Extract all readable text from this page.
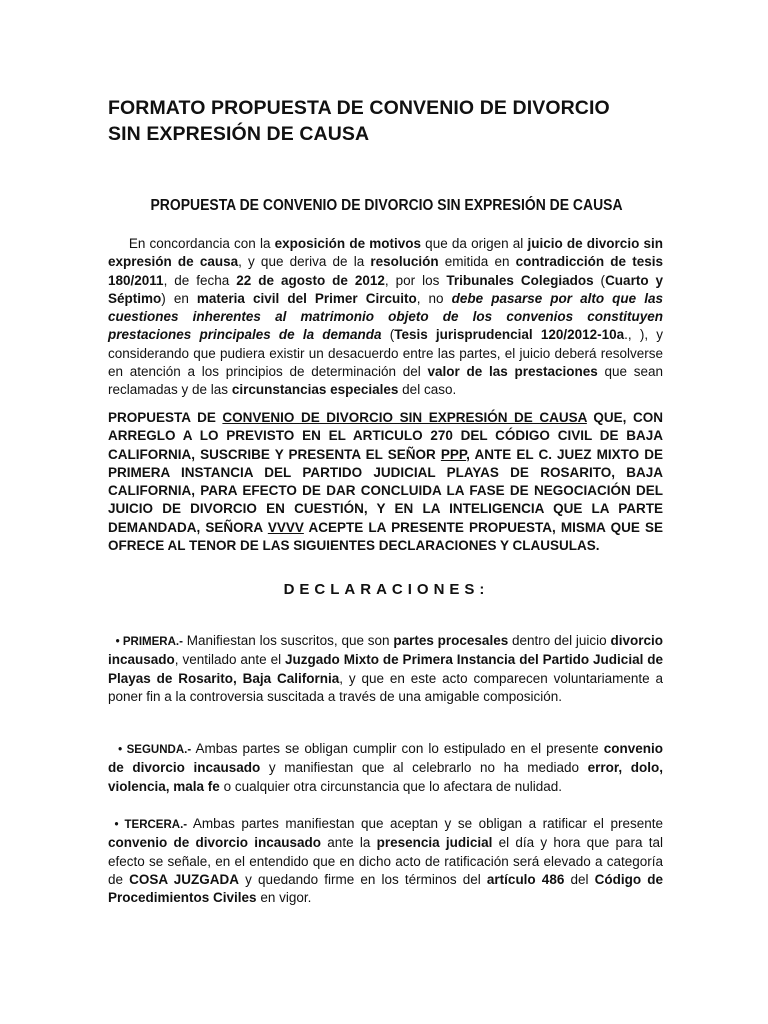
FORMATO PROPUESTA DE CONVENIO DE DIVORCIO
SIN EXPRESIÓN DE CAUSA
PROPUESTA DE CONVENIO DE DIVORCIO SIN EXPRESIÓN DE CAUSA

En concordancia con la exposición de motivos que da origen al juicio de divorcio sin expresión de causa, y que deriva de la resolución emitida en contradicción de tesis 180/2011, de fecha 22 de agosto de 2012, por los Tribunales Colegiados (Cuarto y Séptimo) en materia civil del Primer Circuito, no debe pasarse por alto que las cuestiones inherentes al matrimonio objeto de los convenios constituyen prestaciones principales de la demanda (Tesis jurisprudencial 120/2012-10a., ), y considerando que pudiera existir un desacuerdo entre las partes, el juicio deberá resolverse en atención a los principios de determinación del valor de las prestaciones que sean reclamadas y de las circunstancias especiales del caso.

PROPUESTA DE CONVENIO DE DIVORCIO SIN EXPRESIÓN DE CAUSA QUE, CON ARREGLO A LO PREVISTO EN EL ARTICULO 270 DEL CÓDIGO CIVIL DE BAJA CALIFORNIA, SUSCRIBE Y PRESENTA EL SEÑOR PPP, ANTE EL C. JUEZ MIXTO DE PRIMERA INSTANCIA DEL PARTIDO JUDICIAL PLAYAS DE ROSARITO, BAJA CALIFORNIA, PARA EFECTO DE DAR CONCLUIDA LA FASE DE NEGOCIACIÓN DEL JUICIO DE DIVORCIO EN CUESTIÓN, Y EN LA INTELIGENCIA QUE LA PARTE DEMANDADA, SEÑORA VVVV ACEPTE LA PRESENTE PROPUESTA, MISMA QUE SE OFRECE AL TENOR DE LAS SIGUIENTES DECLARACIONES Y CLAUSULAS.

DECLARACIONES:

• PRIMERA.- Manifiestan los suscritos, que son partes procesales dentro del juicio divorcio incausado, ventilado ante el Juzgado Mixto de Primera Instancia del Partido Judicial de Playas de Rosarito, Baja California, y que en este acto comparecen voluntariamente a poner fin a la controversia suscitada a través de una amigable composición.

• SEGUNDA.- Ambas partes se obligan cumplir con lo estipulado en el presente convenio de divorcio incausado y manifiestan que al celebrarlo no ha mediado error, dolo, violencia, mala fe o cualquier otra circunstancia que lo afectara de nulidad.

• TERCERA.- Ambas partes manifiestan que aceptan y se obligan a ratificar el presente convenio de divorcio incausado ante la presencia judicial el día y hora que para tal efecto se señale, en el entendido que en dicho acto de ratificación será elevado a categoría de COSA JUZGADA y quedando firme en los términos del artículo 486 del Código de Procedimientos Civiles en vigor.
